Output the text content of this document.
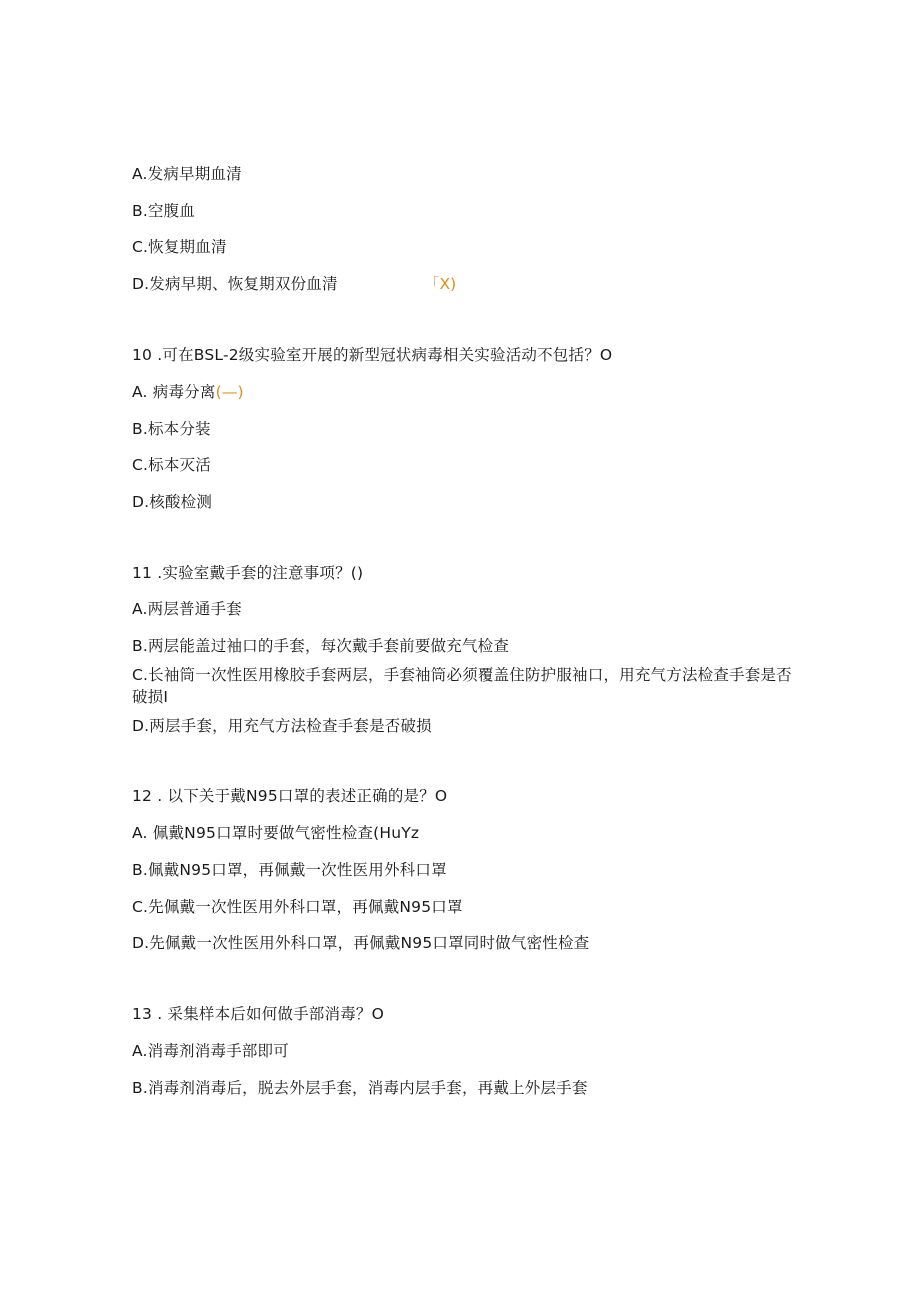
A.发病早期血清
B.空腹血
C.恢复期血清
D.发病早期、恢复期双份血清	「X)
10 .可在BSL-2级实验室开展的新型冠状病毒相关实验活动不包括？O
A. 病毒分离(—)
B.标本分装
C.标本灭活
D.核酸检测
11 .实验室戴手套的注意事项？()
A.两层普通手套
B.两层能盖过袖口的手套，每次戴手套前要做充气检查
C.长袖筒一次性医用橡胶手套两层，手套袖筒必须覆盖住防护服袖口，用充气方法检查手套是否破损I
D.两层手套，用充气方法检查手套是否破损
12 . 以下关于戴N95口罩的表述正确的是？O
A. 佩戴N95口罩时要做气密性检查(HuYz
B.佩戴N95口罩，再佩戴一次性医用外科口罩
C.先佩戴一次性医用外科口罩，再佩戴N95口罩
D.先佩戴一次性医用外科口罩，再佩戴N95口罩同时做气密性检查
13 . 采集样本后如何做手部消毒？O
A.消毒剂消毒手部即可
B.消毒剂消毒后，脱去外层手套，消毒内层手套，再戴上外层手套
